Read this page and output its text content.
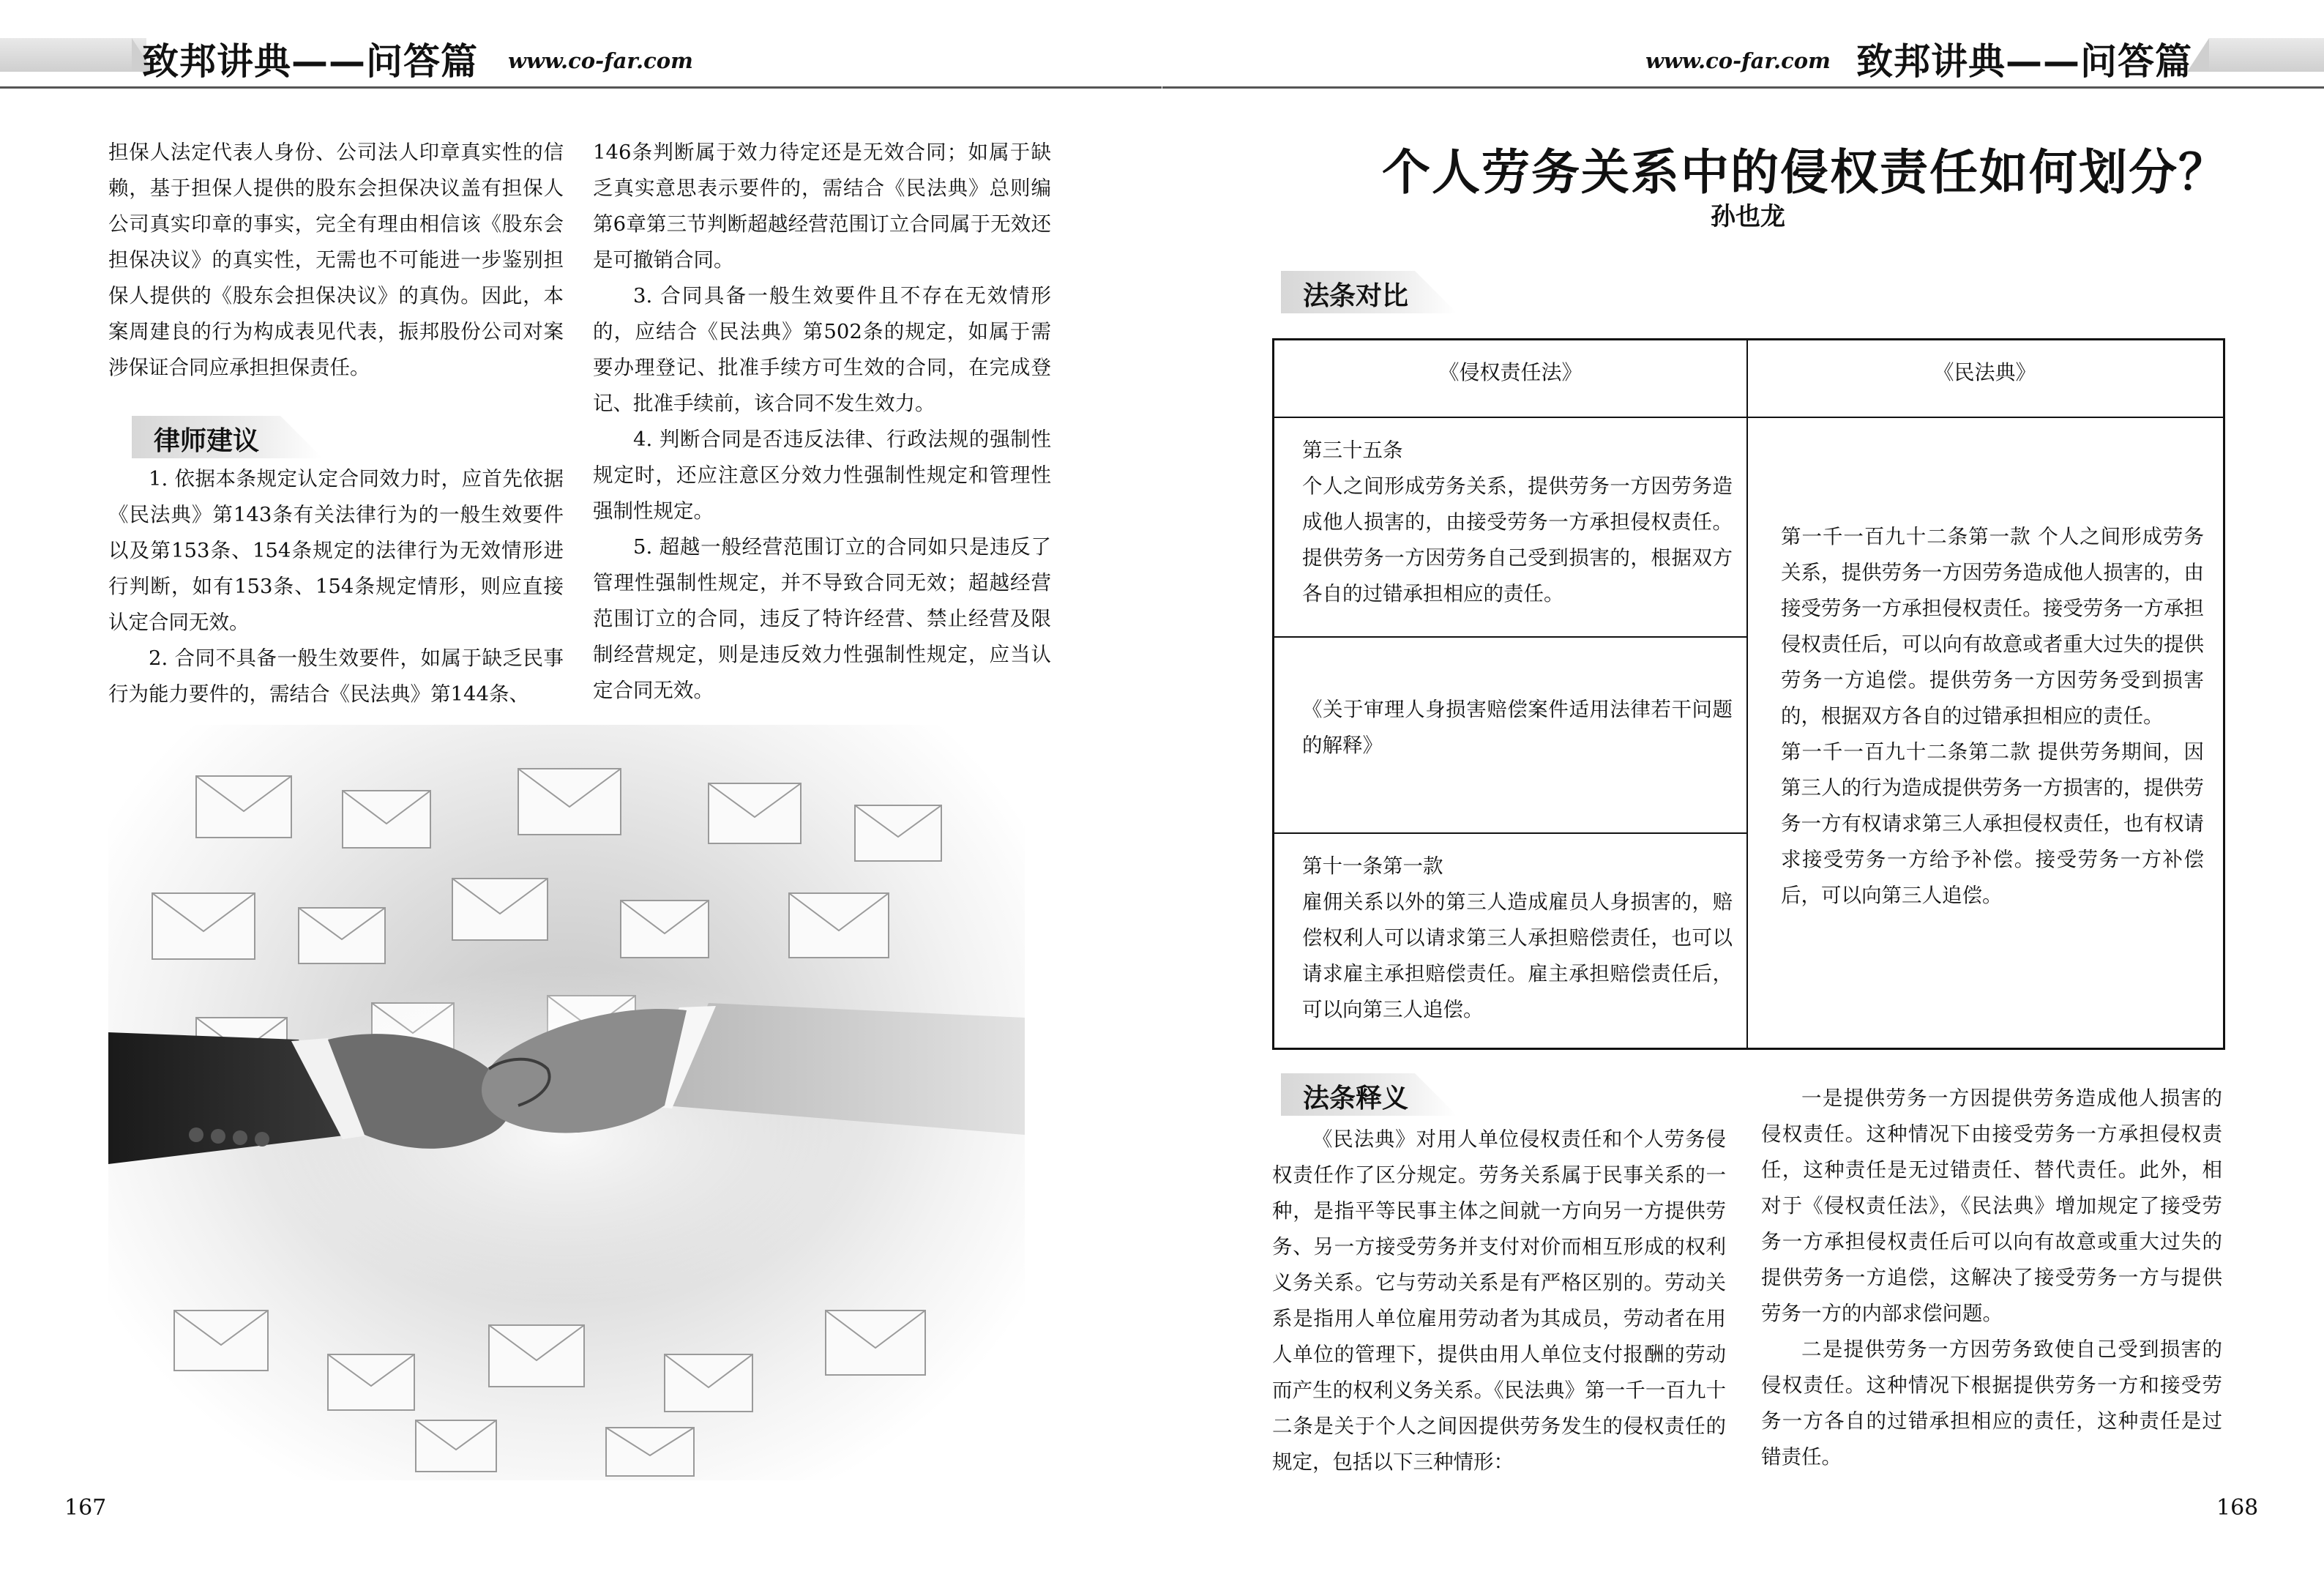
致邦讲典——问答篇 www.co-far.com

担保人法定代表人身份、公司法人印章真实性的信赖，基于担保人提供的股东会担保决议盖有担保人公司真实印章的事实，完全有理由相信该《股东会担保决议》的真实性，无需也不可能进一步鉴别担保人提供的《股东会担保决议》的真伪。因此，本案周建良的行为构成表见代表，振邦股份公司对案涉保证合同应承担担保责任。

律师建议

1. 依据本条规定认定合同效力时，应首先依据《民法典》第143条有关法律行为的一般生效要件以及第153条、154条规定的法律行为无效情形进行判断，如有153条、154条规定情形，则应直接认定合同无效。

2. 合同不具备一般生效要件，如属于缺乏民事行为能力要件的，需结合《民法典》第144条、

146条判断属于效力待定还是无效合同；如属于缺乏真实意思表示要件的，需结合《民法典》总则编第6章第三节判断超越经营范围订立合同属于无效还是可撤销合同。

3. 合同具备一般生效要件且不存在无效情形的，应结合《民法典》第502条的规定，如属于需要办理登记、批准手续方可生效的合同，在完成登记、批准手续前，该合同不发生效力。

4. 判断合同是否违反法律、行政法规的强制性规定时，还应注意区分效力性强制性规定和管理性强制性规定。

5. 超越一般经营范围订立的合同如只是违反了管理性强制性规定，并不导致合同无效；超越经营范围订立的合同，违反了特许经营、禁止经营及限制经营规定，则是违反效力性强制性规定，应当认定合同无效。

167
www.co-far.com 致邦讲典——问答篇
个人劳务关系中的侵权责任如何划分？
孙也龙
法条对比
《侵权责任法》	《民法典》
第三十五条
个人之间形成劳务关系，提供劳务一方因劳务造成他人损害的，由接受劳务一方承担侵权责任。提供劳务一方因劳务自己受到损害的，根据双方各自的过错承担相应的责任。
《关于审理人身损害赔偿案件适用法律若干问题的解释》
第十一条第一款
雇佣关系以外的第三人造成雇员人身损害的，赔偿权利人可以请求第三人承担赔偿责任，也可以请求雇主承担赔偿责任。雇主承担赔偿责任后，可以向第三人追偿。
第一千一百九十二条第一款 个人之间形成劳务关系，提供劳务一方因劳务造成他人损害的，由接受劳务一方承担侵权责任。接受劳务一方承担侵权责任后，可以向有故意或者重大过失的提供劳务一方追偿。提供劳务一方因劳务受到损害的，根据双方各自的过错承担相应的责任。
第一千一百九十二条第二款 提供劳务期间，因第三人的行为造成提供劳务一方损害的，提供劳务一方有权请求第三人承担侵权责任，也有权请求接受劳务一方给予补偿。接受劳务一方补偿后，可以向第三人追偿。
法条释义

《民法典》对用人单位侵权责任和个人劳务侵权责任作了区分规定。劳务关系属于民事关系的一种，是指平等民事主体之间就一方向另一方提供劳务、另一方接受劳务并支付对价而相互形成的权利义务关系。它与劳动关系是有严格区别的。劳动关系是指用人单位雇用劳动者为其成员，劳动者在用人单位的管理下，提供由用人单位支付报酬的劳动而产生的权利义务关系。《民法典》第一千一百九十二条是关于个人之间因提供劳务发生的侵权责任的规定，包括以下三种情形：

一是提供劳务一方因提供劳务造成他人损害的侵权责任。这种情况下由接受劳务一方承担侵权责任，这种责任是无过错责任、替代责任。此外，相对于《侵权责任法》，《民法典》增加规定了接受劳务一方承担侵权责任后可以向有故意或重大过失的提供劳务一方追偿，这解决了接受劳务一方与提供劳务一方的内部求偿问题。

二是提供劳务一方因劳务致使自己受到损害的侵权责任。这种情况下根据提供劳务一方和接受劳务一方各自的过错承担相应的责任，这种责任是过错责任。

168
